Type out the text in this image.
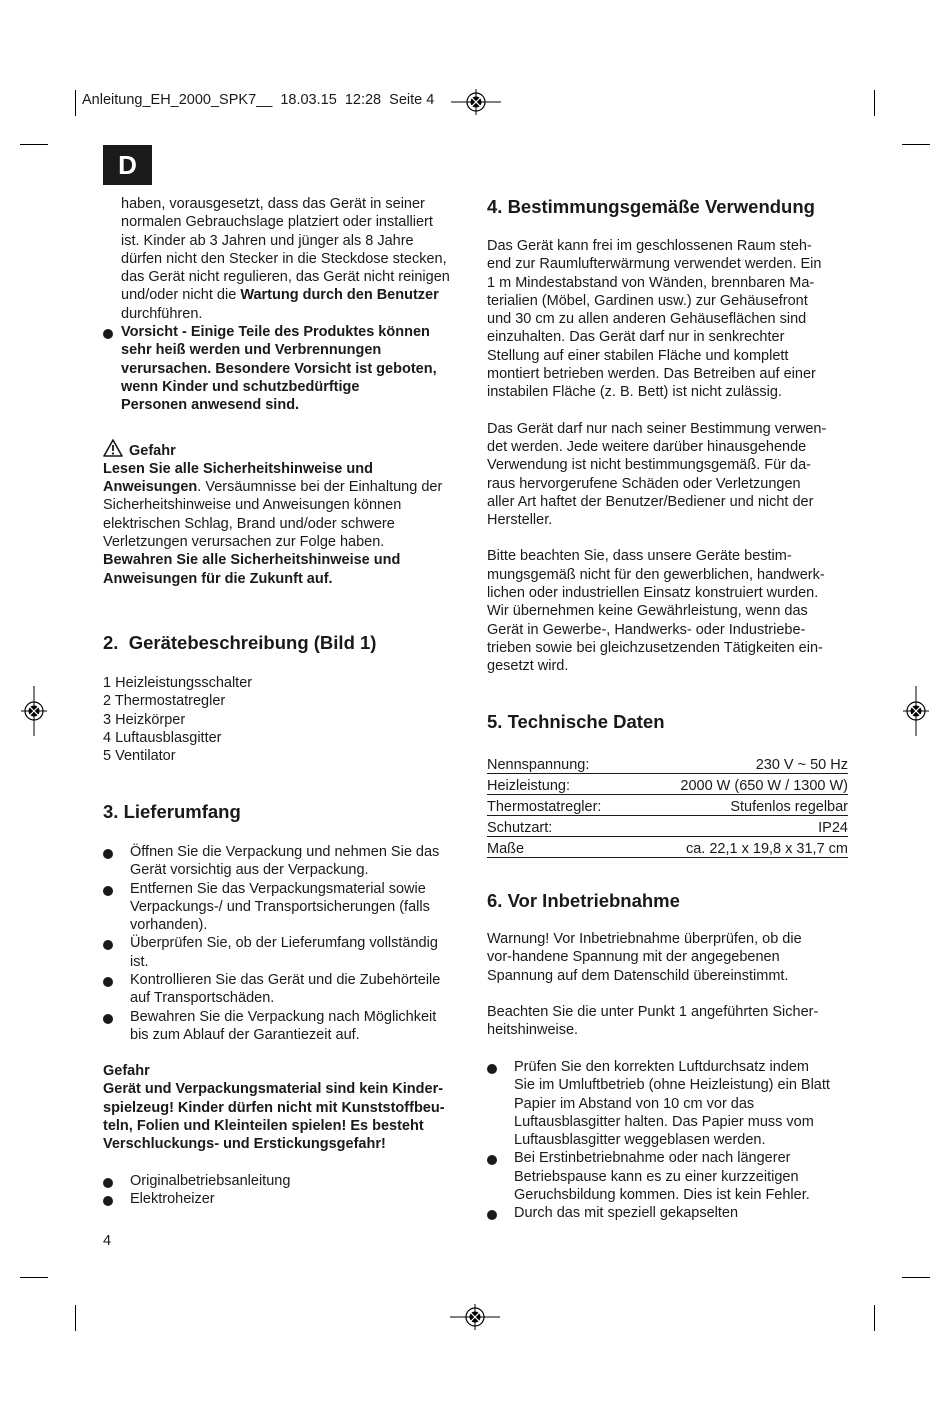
Anleitung_EH_2000_SPK7__  18.03.15  12:28  Seite 4
D

haben, vorausgesetzt, dass das Gerät in seiner

normalen Gebrauchslage platziert oder installiert

ist. Kinder ab 3 Jahren und jünger als 8 Jahre

dürfen nicht den Stecker in die Steckdose stecken,

das Gerät nicht regulieren, das Gerät nicht reinigen

und/oder nicht die Wartung durch den Benutzer

durchführen.

Vorsicht - Einige Teile des Produktes können

sehr heiß werden und Verbrennungen

verursachen. Besondere Vorsicht ist geboten,

wenn Kinder und schutzbedürftige

Personen anwesend sind.

Gefahr

Lesen Sie alle Sicherheitshinweise und

Anweisungen. Versäumnisse bei der Einhaltung der

Sicherheitshinweise und Anweisungen können

elektrischen Schlag, Brand und/oder schwere

Verletzungen verursachen zur Folge haben.

Bewahren Sie alle Sicherheitshinweise und

Anweisungen für die Zukunft auf.

2.  Gerätebeschreibung (Bild 1)
1 Heizleistungsschalter
2 Thermostatregler
3 Heizkörper
4 Luftausblasgitter
5 Ventilator
3. Lieferumfang
Öffnen Sie die Verpackung und nehmen Sie das
Gerät vorsichtig aus der Verpackung.
Entfernen Sie das Verpackungsmaterial sowie
Verpackungs-/ und Transportsicherungen (falls
vorhanden).
Überprüfen Sie, ob der Lieferumfang vollständig
ist.
Kontrollieren Sie das Gerät und die Zubehörteile
auf Transportschäden.
Bewahren Sie die Verpackung nach Möglichkeit
bis zum Ablauf der Garantiezeit auf.

Gefahr

Gerät und Verpackungsmaterial sind kein Kinder-

spielzeug! Kinder dürfen nicht mit Kunststoffbeu-

teln, Folien und Kleinteilen spielen! Es besteht

Verschluckungs- und Erstickungsgefahr!

Originalbetriebsanleitung
Elektroheizer
4
4. Bestimmungsgemäße Verwendung

Das Gerät kann frei im geschlossenen Raum steh-

end zur Raumlufterwärmung verwendet werden. Ein

1 m Mindestabstand von Wänden, brennbaren Ma-

terialien (Möbel, Gardinen usw.) zur Gehäusefront

und 30 cm zu allen anderen Gehäuseflächen sind

einzuhalten. Das Gerät darf nur in senkrechter

Stellung auf einer stabilen Fläche und komplett

montiert betrieben werden. Das Betreiben auf einer

instabilen Fläche (z. B. Bett) ist nicht zulässig.

Das Gerät darf nur nach seiner Bestimmung verwen-

det werden. Jede weitere darüber hinausgehende

Verwendung ist nicht bestimmungsgemäß. Für da-

raus hervorgerufene Schäden oder Verletzungen

aller Art haftet der Benutzer/Bediener und nicht der

Hersteller.

Bitte beachten Sie, dass unsere Geräte bestim-

mungsgemäß nicht für den gewerblichen, handwerk-

lichen oder industriellen Einsatz konstruiert wurden.

Wir übernehmen keine Gewährleistung, wenn das

Gerät in Gewerbe-, Handwerks- oder Industriebe-

trieben sowie bei gleichzusetzenden Tätigkeiten ein-

gesetzt wird.

5. Technische Daten
Nennspannung:	230 V ~ 50 Hz
Heizleistung:	2000 W (650 W / 1300 W)
Thermostatregler:	Stufenlos regelbar
Schutzart:	IP24
Maße	ca. 22,1 x 19,8 x 31,7 cm
6. Vor Inbetriebnahme

Warnung! Vor Inbetriebnahme überprüfen, ob die

vor-handene Spannung mit der angegebenen

Spannung auf dem Datenschild übereinstimmt.

Beachten Sie die unter Punkt 1 angeführten Sicher-

heitshinweise.

Prüfen Sie den korrekten Luftdurchsatz indem
Sie im Umluftbetrieb (ohne Heizleistung) ein Blatt
Papier im Abstand von 10 cm vor das
Luftausblasgitter halten. Das Papier muss vom
Luftausblasgitter weggeblasen werden.
Bei Erstinbetriebnahme oder nach längerer
Betriebspause kann es zu einer kurzzeitigen
Geruchsbildung kommen. Dies ist kein Fehler.
Durch das mit speziell gekapselten
